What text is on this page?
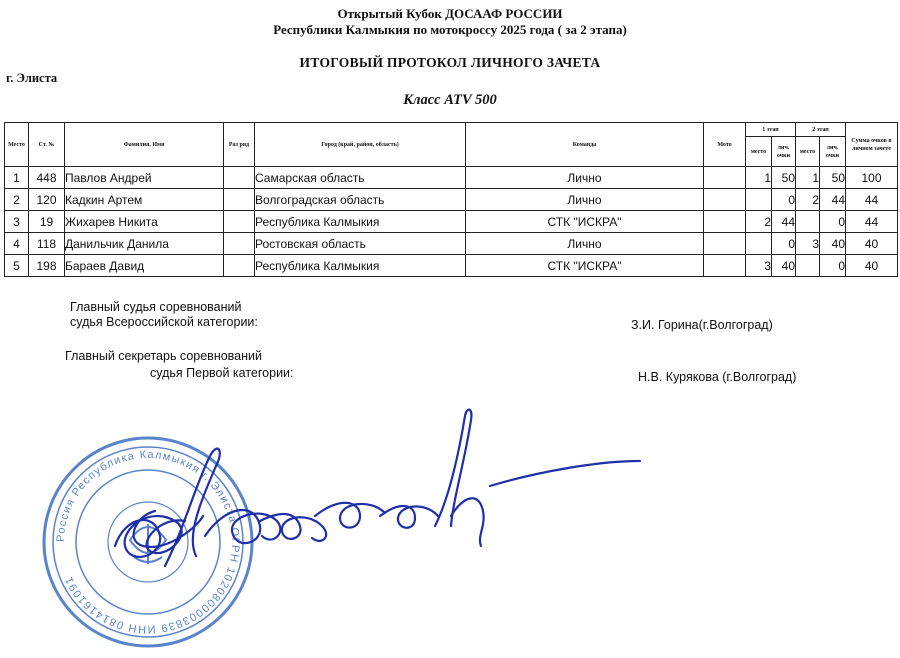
Открытый Кубок ДОСААФ РОССИИ
Республики Калмыкия по мотокроссу 2025 года ( за 2 этапа)
ИТОГОВЫЙ ПРОТОКОЛ ЛИЧНОГО ЗАЧЕТА
г. Элиста
Класс ATV 500
Место	Ст. №	Фамилия, Имя	Раз ряд	Город (край, район, область)	Команда	Мото	1 этап		2 этап		Сумма очков в личном зачете
							место	лич. очки	место	лич. очки	
1	448	Павлов Андрей		Самарская область	Лично		1	50	1	50	100
2	120	Кадкин Артем		Волгоградская область	Лично			0	2	44	44
3	19	Жихарев Никита		Республика Калмыкия	СТК "ИСКРА"		2	44		0	44
4	118	Данильчик Данила		Ростовская область	Лично			0	3	40	40
5	198	Бараев Давид		Республика Калмыкия	СТК "ИСКРА"		3	40		0	40
Главный судья соревнований
судья Всероссийской категории:	З.И. Горина(г.Волгоград)
Главный секретарь соревнований
судья Первой категории:	Н.В. Курякова (г.Волгоград)
Россия Республика Калмыкия г. Элиста ОГРН 1020800003839 ИНН 0814161091
